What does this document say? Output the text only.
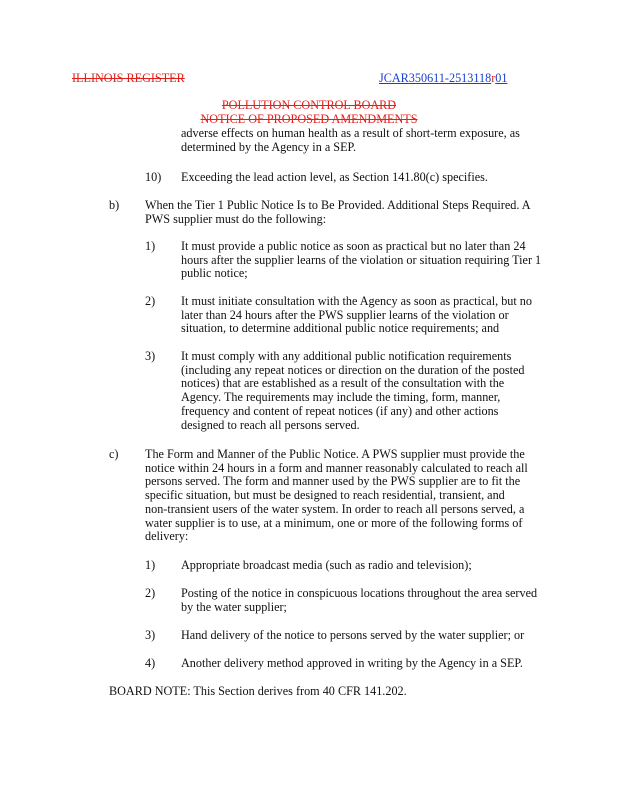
ILLINOIS REGISTER	JCAR350611-2513118r01
POLLUTION CONTROL BOARD
NOTICE OF PROPOSED AMENDMENTS

adverse effects on human health as a result of short-term exposure, as

determined by the Agency in a SEP.

10) Exceeding the lead action level, as Section 141.80(c) specifies.
b) When the Tier 1 Public Notice Is to Be Provided. Additional Steps Required. A

PWS supplier must do the following:

1) It must provide a public notice as soon as practical but no later than 24

hours after the supplier learns of the violation or situation requiring Tier 1

public notice;

2) It must initiate consultation with the Agency as soon as practical, but no

later than 24 hours after the PWS supplier learns of the violation or

situation, to determine additional public notice requirements; and

3) It must comply with any additional public notification requirements

(including any repeat notices or direction on the duration of the posted

notices) that are established as a result of the consultation with the

Agency. The requirements may include the timing, form, manner,

frequency and content of repeat notices (if any) and other actions

designed to reach all persons served.

c) The Form and Manner of the Public Notice. A PWS supplier must provide the

notice within 24 hours in a form and manner reasonably calculated to reach all

persons served. The form and manner used by the PWS supplier are to fit the

specific situation, but must be designed to reach residential, transient, and

non-transient users of the water system. In order to reach all persons served, a

water supplier is to use, at a minimum, one or more of the following forms of

delivery:

1) Appropriate broadcast media (such as radio and television);
2) Posting of the notice in conspicuous locations throughout the area served

by the water supplier;

3) Hand delivery of the notice to persons served by the water supplier; or
4) Another delivery method approved in writing by the Agency in a SEP.
BOARD NOTE: This Section derives from 40 CFR 141.202.
